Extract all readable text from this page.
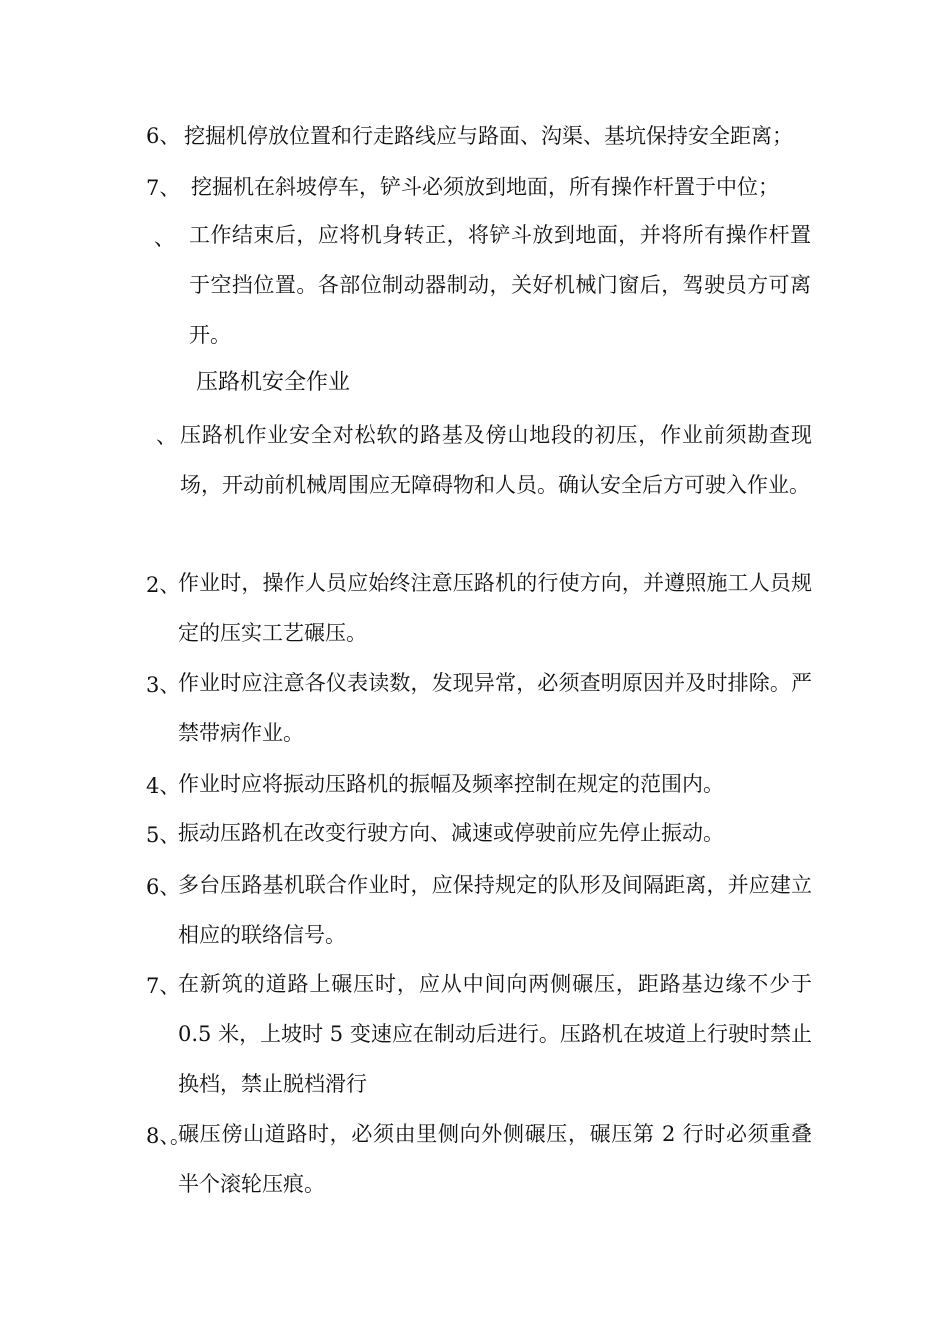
6、 挖掘机停放位置和行走路线应与路面、沟渠、基坑保持安全距离；
7、 挖掘机在斜坡停车，铲斗必须放到地面，所有操作杆置于中位；
、 工作结束后，应将机身转正，将铲斗放到地面，并将所有操作杆置于空挡位置。各部位制动器制动，关好机械门窗后，驾驶员方可离开。
压路机安全作业
、 压路机作业安全对松软的路基及傍山地段的初压，作业前须勘查现场，开动前机械周围应无障碍物和人员。确认安全后方可驶入作业。
2、
作业时，操作人员应始终注意压路机的行使方向，并遵照施工人员规定的压实工艺碾压。
3、
作业时应注意各仪表读数，发现异常，必须查明原因并及时排除。严禁带病作业。
4、
作业时应将振动压路机的振幅及频率控制在规定的范围内。
5、
振动压路机在改变行驶方向、减速或停驶前应先停止振动。
6、
多台压路基机联合作业时，应保持规定的队形及间隔距离，并应建立相应的联络信号。
7、
在新筑的道路上碾压时，应从中间向两侧碾压，距路基边缘不少于 0.5 米，上坡时 5 变速应在制动后进行。压路机在坡道上行驶时禁止换档，禁止脱档滑行
8、。
碾压傍山道路时，必须由里侧向外侧碾压，碾压第 2 行时必须重叠半个滚轮压痕。
